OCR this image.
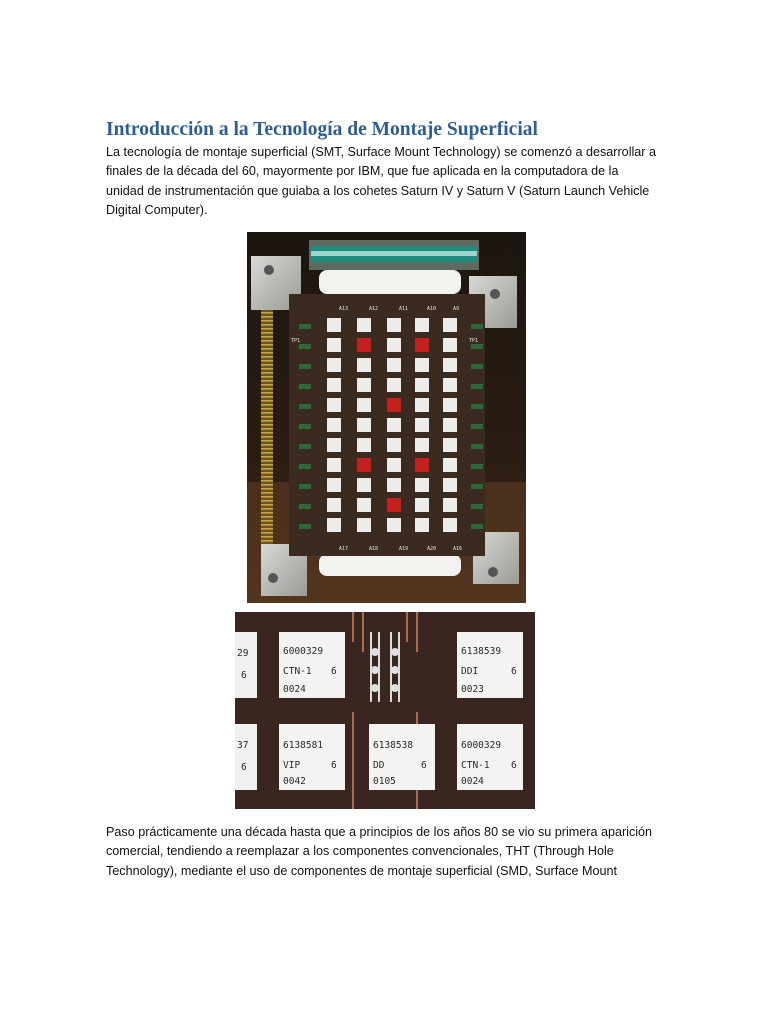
Introducción a la Tecnología de Montaje Superficial
La tecnología de montaje superficial (SMT, Surface Mount Technology) se comenzó a desarrollar a
finales de la década del 60, mayormente por IBM, que fue aplicada en la computadora de la
unidad de instrumentación que guiaba a los cohetes Saturn IV y Saturn V (Saturn Launch Vehicle
Digital Computer).
A13	A12	A11	A10	A9
A17	A18	A19	A20	A16
TP1	TP1
29
6
37
6
6000329
CTN-1 6
0024
6138539
DDI	6
0023
6138581
VIP	6
0042
6138538
DD	6
0105
6000329
CTN-1 6
0024
Paso prácticamente una década hasta que a principios de los años 80 se vio su primera aparición
comercial, tendiendo a reemplazar a los componentes convencionales, THT (Through Hole
Technology), mediante el uso de componentes de montaje superficial (SMD, Surface Mount
